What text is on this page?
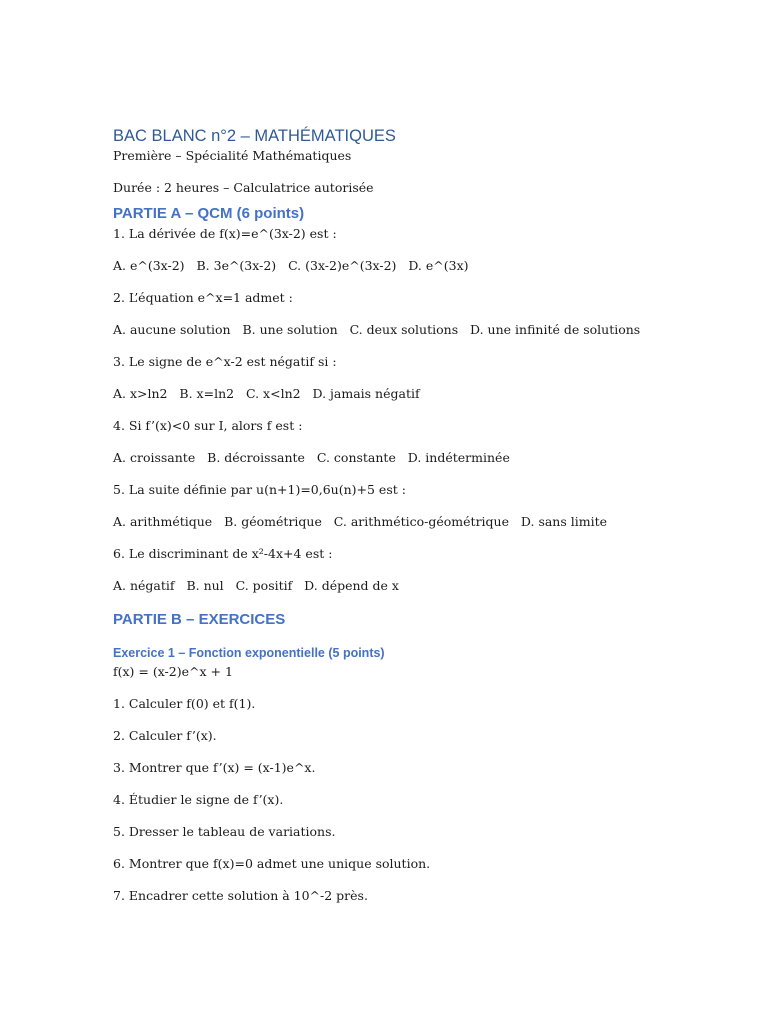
BAC BLANC n°2 – MATHÉMATIQUES

Première – Spécialité Mathématiques

Durée : 2 heures – Calculatrice autorisée

PARTIE A – QCM (6 points)

1. La dérivée de f(x)=e^(3x-2) est :

A. e^(3x-2)   B. 3e^(3x-2)   C. (3x-2)e^(3x-2)   D. e^(3x)

2. L’équation e^x=1 admet :

A. aucune solution   B. une solution   C. deux solutions   D. une infinité de solutions

3. Le signe de e^x-2 est négatif si :

A. x>ln2   B. x=ln2   C. x<ln2   D. jamais négatif

4. Si f’(x)<0 sur I, alors f est :

A. croissante   B. décroissante   C. constante   D. indéterminée

5. La suite définie par u(n+1)=0,6u(n)+5 est :

A. arithmétique   B. géométrique   C. arithmético-géométrique   D. sans limite

6. Le discriminant de x²-4x+4 est :

A. négatif   B. nul   C. positif   D. dépend de x

PARTIE B – EXERCICES
Exercice 1 – Fonction exponentielle (5 points)

f(x) = (x-2)e^x + 1

1. Calculer f(0) et f(1).

2. Calculer f’(x).

3. Montrer que f’(x) = (x-1)e^x.

4. Étudier le signe de f’(x).

5. Dresser le tableau de variations.

6. Montrer que f(x)=0 admet une unique solution.

7. Encadrer cette solution à 10^-2 près.
